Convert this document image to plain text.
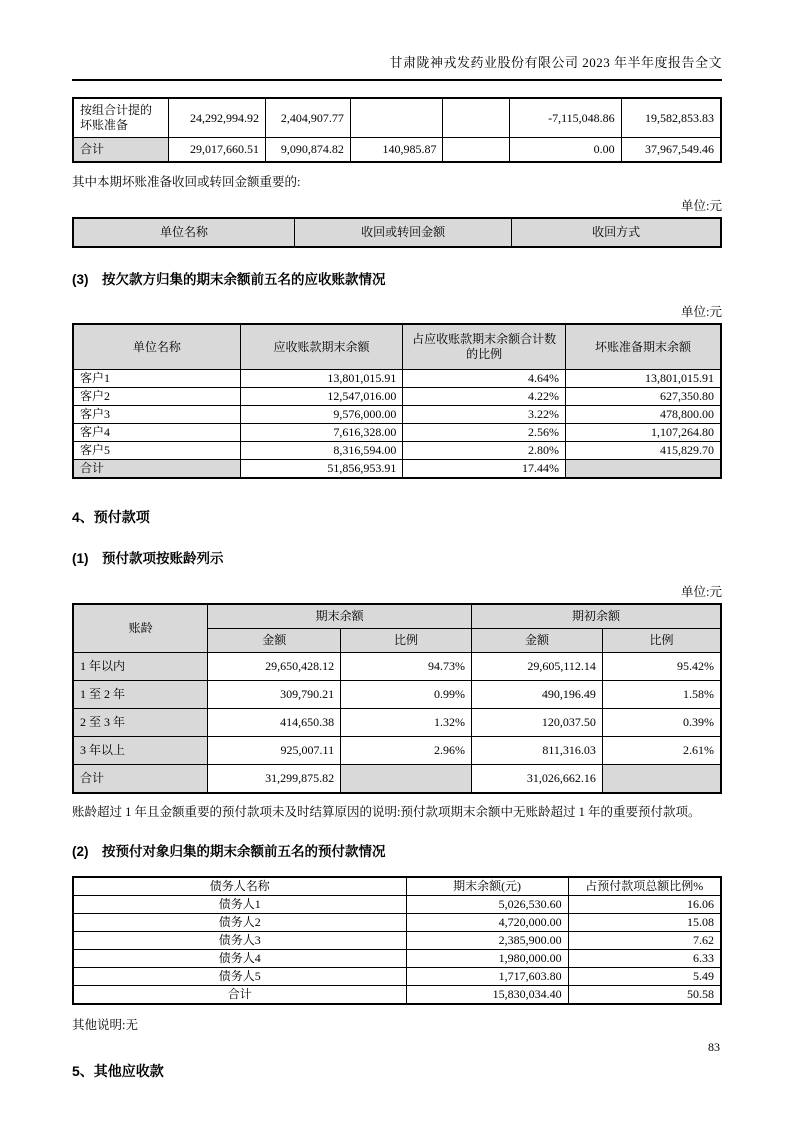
甘肃陇神戎发药业股份有限公司 2023 年半年度报告全文
按组合计提的坏账准备	24,292,994.92	2,404,907.77			-7,115,048.86	19,582,853.83
合计	29,017,660.51	9,090,874.82	140,985.87		0.00	37,967,549.46

其中本期坏账准备收回或转回金额重要的:

单位:元
单位名称	收回或转回金额	收回方式
(3)　按欠款方归集的期末余额前五名的应收账款情况
单位:元
单位名称	应收账款期末余额	占应收账款期末余额合计数的比例	坏账准备期末余额
客户1	13,801,015.91	4.64%	13,801,015.91
客户2	12,547,016.00	4.22%	627,350.80
客户3	9,576,000.00	3.22%	478,800.00
客户4	7,616,328.00	2.56%	1,107,264.80
客户5	8,316,594.00	2.80%	415,829.70
合计	51,856,953.91	17.44%	
4、预付款项
(1)　预付款项按账龄列示
单位:元
账龄	期末余额		期初余额	
	金额	比例	金额	比例
1 年以内	29,650,428.12	94.73%	29,605,112.14	95.42%
1 至 2 年	309,790.21	0.99%	490,196.49	1.58%
2 至 3 年	414,650.38	1.32%	120,037.50	0.39%
3 年以上	925,007.11	2.96%	811,316.03	2.61%
合计	31,299,875.82		31,026,662.16	

账龄超过 1 年且金额重要的预付款项未及时结算原因的说明:预付款项期末余额中无账龄超过 1 年的重要预付款项。

(2)　按预付对象归集的期末余额前五名的预付款情况
债务人名称	期末余额(元)	占预付款项总额比例%
债务人1	5,026,530.60	16.06
债务人2	4,720,000.00	15.08
债务人3	2,385,900.00	7.62
债务人4	1,980,000.00	6.33
债务人5	1,717,603.80	5.49
合计	15,830,034.40	50.58

其他说明:无

5、其他应收款
83
